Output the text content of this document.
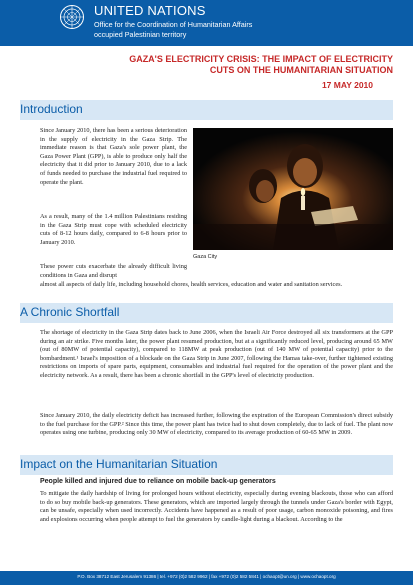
UNITED NATIONS
Office for the Coordination of Humanitarian Affairs
occupied Palestinian territory
GAZA'S ELECTRICITY CRISIS: THE IMPACT OF ELECTRICITY
CUTS ON THE HUMANITARIAN SITUATION
17 MAY 2010
Introduction
Since January 2010, there has been a serious deterioration in the supply of electricity in the Gaza Strip. The immediate reason is that Gaza's sole power plant, the Gaza Power Plant (GPP), is able to produce only half the electricity that it did prior to January 2010, due to a lack of funds needed to purchase the industrial fuel required to operate the plant.
As a result, many of the 1.4 million Palestinians residing in the Gaza Strip must cope with scheduled electricity cuts of 8-12 hours daily, compared to 6-8 hours prior to January 2010.
These power cuts exacerbate the already difficult living conditions in Gaza and disrupt
almost all aspects of daily life, including household chores, health services, education and water and sanitation services.
Gaza City
A Chronic Shortfall
The shortage of electricity in the Gaza Strip dates back to June 2006, when the Israeli Air Force destroyed all six transformers at the GPP during an air strike. Five months later, the power plant resumed production, but at a significantly reduced level, producing around 65 MW (out of 80MW of potential capacity), compared to 118MW at peak production (out of 140 MW of potential capacity) prior to the bombardment.¹ Israel's imposition of a blockade on the Gaza Strip in June 2007, following the Hamas take-over, further tightened existing restrictions on imports of spare parts, equipment, consumables and industrial fuel required for the operation of the power plant and the electricity network. As a result, there has been a chronic shortfall in the GPP's level of electricity production.
Since January 2010, the daily electricity deficit has increased further, following the expiration of the European Commission's direct subsidy to the fuel purchase for the GPP.² Since this time, the power plant has twice had to shut down completely, due to lack of fuel. The plant now operates using one turbine, producing only 30 MW of electricity, compared to its average production of 60-65 MW in 2009.
Impact on the Humanitarian Situation
People killed and injured due to reliance on mobile back-up generators
To mitigate the daily hardship of living for prolonged hours without electricity, especially during evening blackouts, those who can afford to do so buy mobile back-up generators. These generators, which are imported largely through the tunnels under Gaza's border with Egypt, can be unsafe, especially when used incorrectly. Accidents have happened as a result of poor usage, carbon monoxide poisoning, and fires and explosions occurring when people attempt to fuel the generators by candle-light during a blackout. According to the
P.O. Box 38712 East Jerusalem 91386 | tel. +972 (0)2 582 9962 | fax +972 (0)2 582 5841 | ochaopt@un.org | www.ochaopt.org
